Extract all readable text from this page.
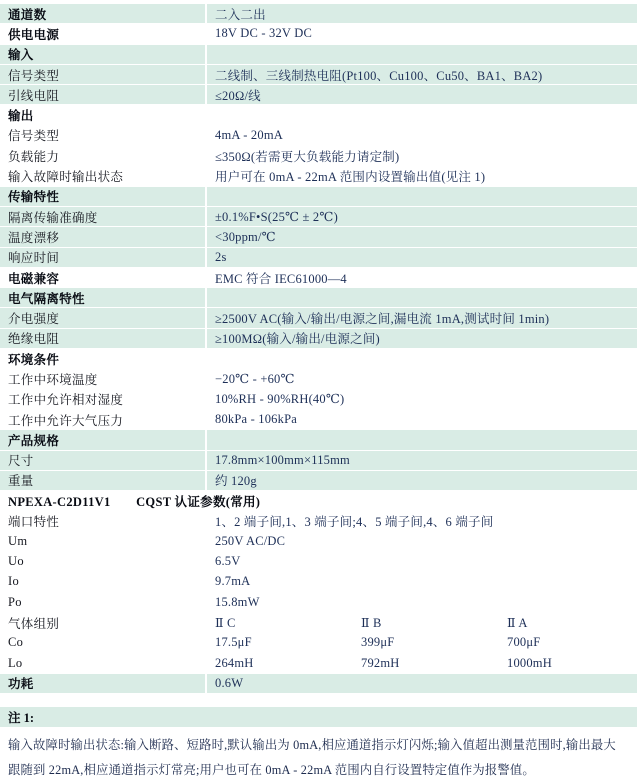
通道数	二入二出
供电电源	18V DC - 32V DC
输入
信号类型	二线制、三线制热电阻(Pt100、Cu100、Cu50、BA1、BA2)
引线电阻	≤20Ω/线
输出
信号类型	4mA - 20mA
负载能力	≤350Ω(若需更大负载能力请定制)
输入故障时输出状态	用户可在 0mA - 22mA 范围内设置输出值(见注 1)
传输特性
隔离传输准确度	±0.1%F•S(25℃ ± 2℃)
温度漂移	<30ppm/℃
响应时间	2s
电磁兼容	EMC 符合 IEC61000—4
电气隔离特性
介电强度	≥2500V AC(输入/输出/电源之间,漏电流 1mA,测试时间 1min)
绝缘电阻	≥100MΩ(输入/输出/电源之间)
环境条件
工作中环境温度	−20℃ - +60℃
工作中允许相对湿度	10%RH - 90%RH(40℃)
工作中允许大气压力	80kPa - 106kPa
产品规格
尺寸	17.8mm×100mm×115mm
重量	约 120g
NPEXA-C2D11V1　　CQST 认证参数(常用)
端口特性	1、2 端子间,1、3 端子间;4、5 端子间,4、6 端子间
Um	250V AC/DC
Uo	6.5V
Io	9.7mA
Po	15.8mW
气体组别	Ⅱ C	Ⅱ B	Ⅱ A
Co	17.5μF	399μF	700μF
Lo	264mH	792mH	1000mH
功耗	0.6W
注 1:
输入故障时输出状态:输入断路、短路时,默认输出为 0mA,相应通道指示灯闪烁;输入值超出测量范围时,输出最大
跟随到 22mA,相应通道指示灯常亮;用户也可在 0mA - 22mA 范围内自行设置特定值作为报警值。
